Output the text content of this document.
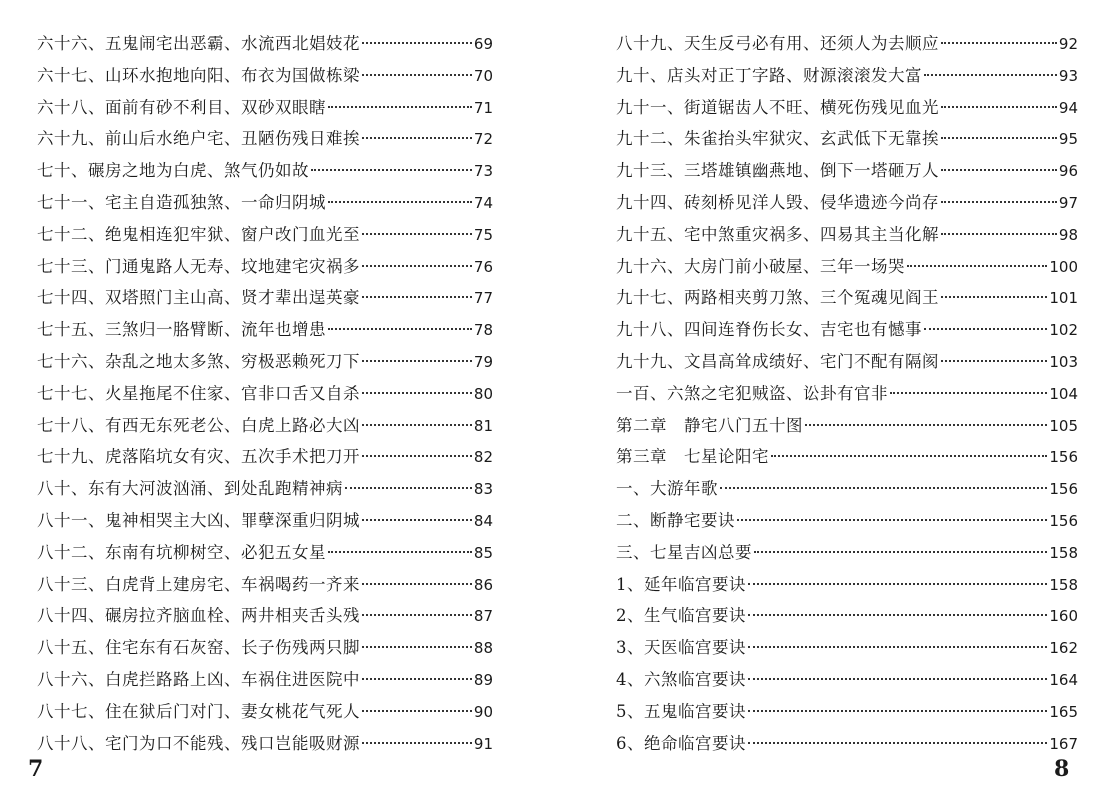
六十六、五鬼闹宅出恶霸、水流西北娼妓花	69
六十七、山环水抱地向阳、布衣为国做栋梁	70
六十八、面前有砂不利目、双砂双眼瞎	71
六十九、前山后水绝户宅、丑陋伤残日难挨	72
七十、碾房之地为白虎、煞气仍如故	73
七十一、宅主自造孤独煞、一命归阴城	74
七十二、绝鬼相连犯牢狱、窗户改门血光至	75
七十三、门通鬼路人无寿、坟地建宅灾祸多	76
七十四、双塔照门主山高、贤才辈出逞英豪	77
七十五、三煞归一胳臂断、流年也增患	78
七十六、杂乱之地太多煞、穷极恶赖死刀下	79
七十七、火星拖尾不住家、官非口舌又自杀	80
七十八、有西无东死老公、白虎上路必大凶	81
七十九、虎落陷坑女有灾、五次手术把刀开	82
八十、东有大河波汹涌、到处乱跑精神病	83
八十一、鬼神相哭主大凶、罪孽深重归阴城	84
八十二、东南有坑柳树空、必犯五女星	85
八十三、白虎背上建房宅、车祸喝药一齐来	86
八十四、碾房拉齐脑血栓、两井相夹舌头残	87
八十五、住宅东有石灰窑、长子伤残两只脚	88
八十六、白虎拦路路上凶、车祸住进医院中	89
八十七、住在狱后门对门、妻女桃花气死人	90
八十八、宅门为口不能残、残口岂能吸财源	91
7
八十九、天生反弓必有用、还须人为去顺应	92
九十、店头对正丁字路、财源滚滚发大富	93
九十一、街道锯齿人不旺、横死伤残见血光	94
九十二、朱雀抬头牢狱灾、玄武低下无靠挨	95
九十三、三塔雄镇幽燕地、倒下一塔砸万人	96
九十四、砖刻桥见洋人毁、侵华遗迹今尚存	97
九十五、宅中煞重灾祸多、四易其主当化解	98
九十六、大房门前小破屋、三年一场哭	100
九十七、两路相夹剪刀煞、三个冤魂见阎王	101
九十八、四间连脊伤长女、吉宅也有憾事	102
九十九、文昌高耸成绩好、宅门不配有隔阂	103
一百、六煞之宅犯贼盗、讼卦有官非	104
第二章　静宅八门五十图	105
第三章　七星论阳宅	156
一、大游年歌	156
二、断静宅要诀	156
三、七星吉凶总要	158
1、延年临宫要诀	158
2、生气临宫要诀	160
3、天医临宫要诀	162
4、六煞临宫要诀	164
5、五鬼临宫要诀	165
6、绝命临宫要诀	167
8
